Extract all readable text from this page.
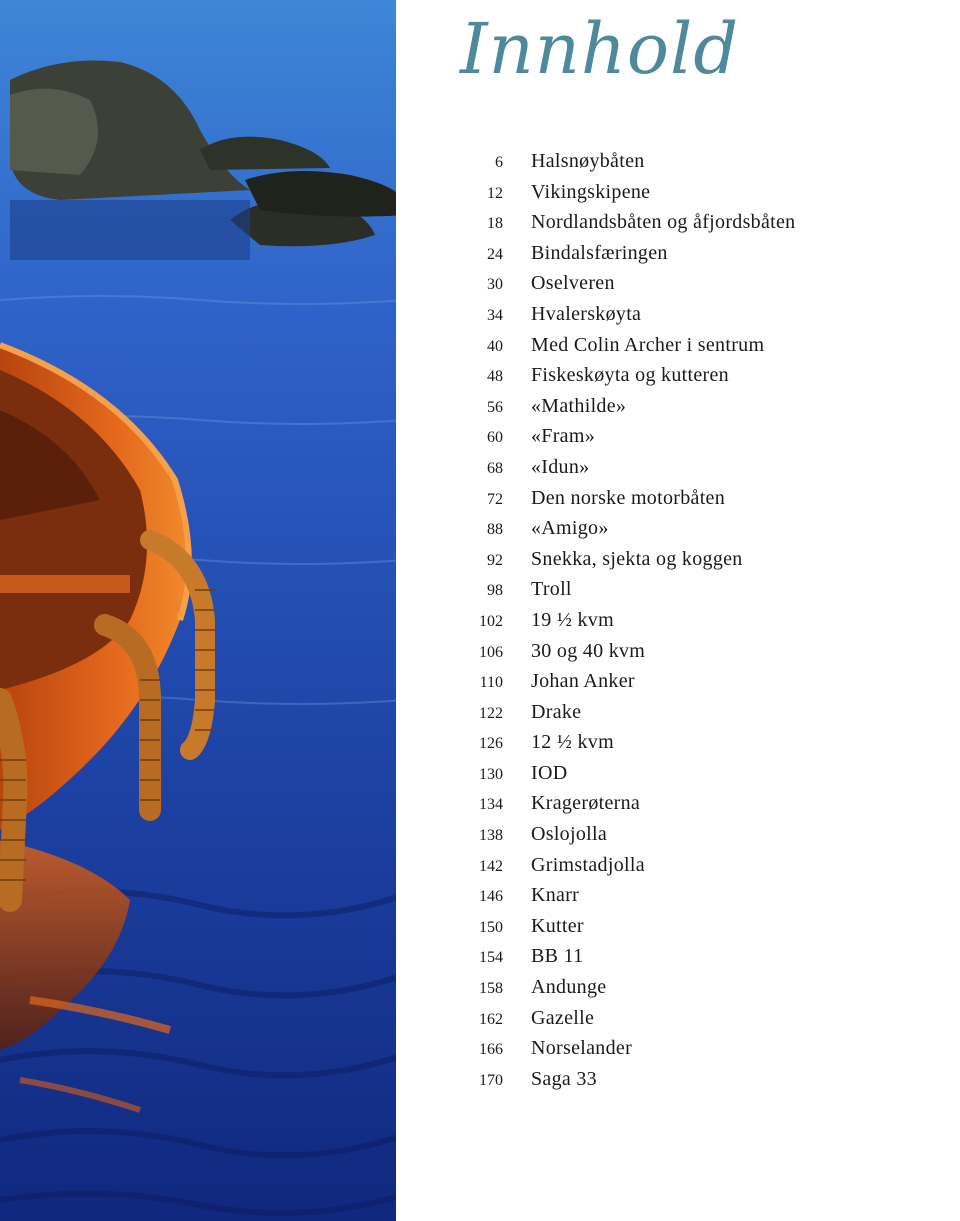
Innhold
6 Halsnøybåten
12 Vikingskipene
18 Nordlandsbåten og åfjordsbåten
24 Bindalsfæringen
30 Oselveren
34 Hvalerskøyta
40 Med Colin Archer i sentrum
48 Fiskeskøyta og kutteren
56 «Mathilde»
60 «Fram»
68 «Idun»
72 Den norske motorbåten
88 «Amigo»
92 Snekka, sjekta og koggen
98 Troll
102 19 ½ kvm
106 30 og 40 kvm
110 Johan Anker
122 Drake
126 12 ½ kvm
130 IOD
134 Kragerøterna
138 Oslojolla
142 Grimstadjolla
146 Knarr
150 Kutter
154 BB 11
158 Andunge
162 Gazelle
166 Norselander
170 Saga 33
